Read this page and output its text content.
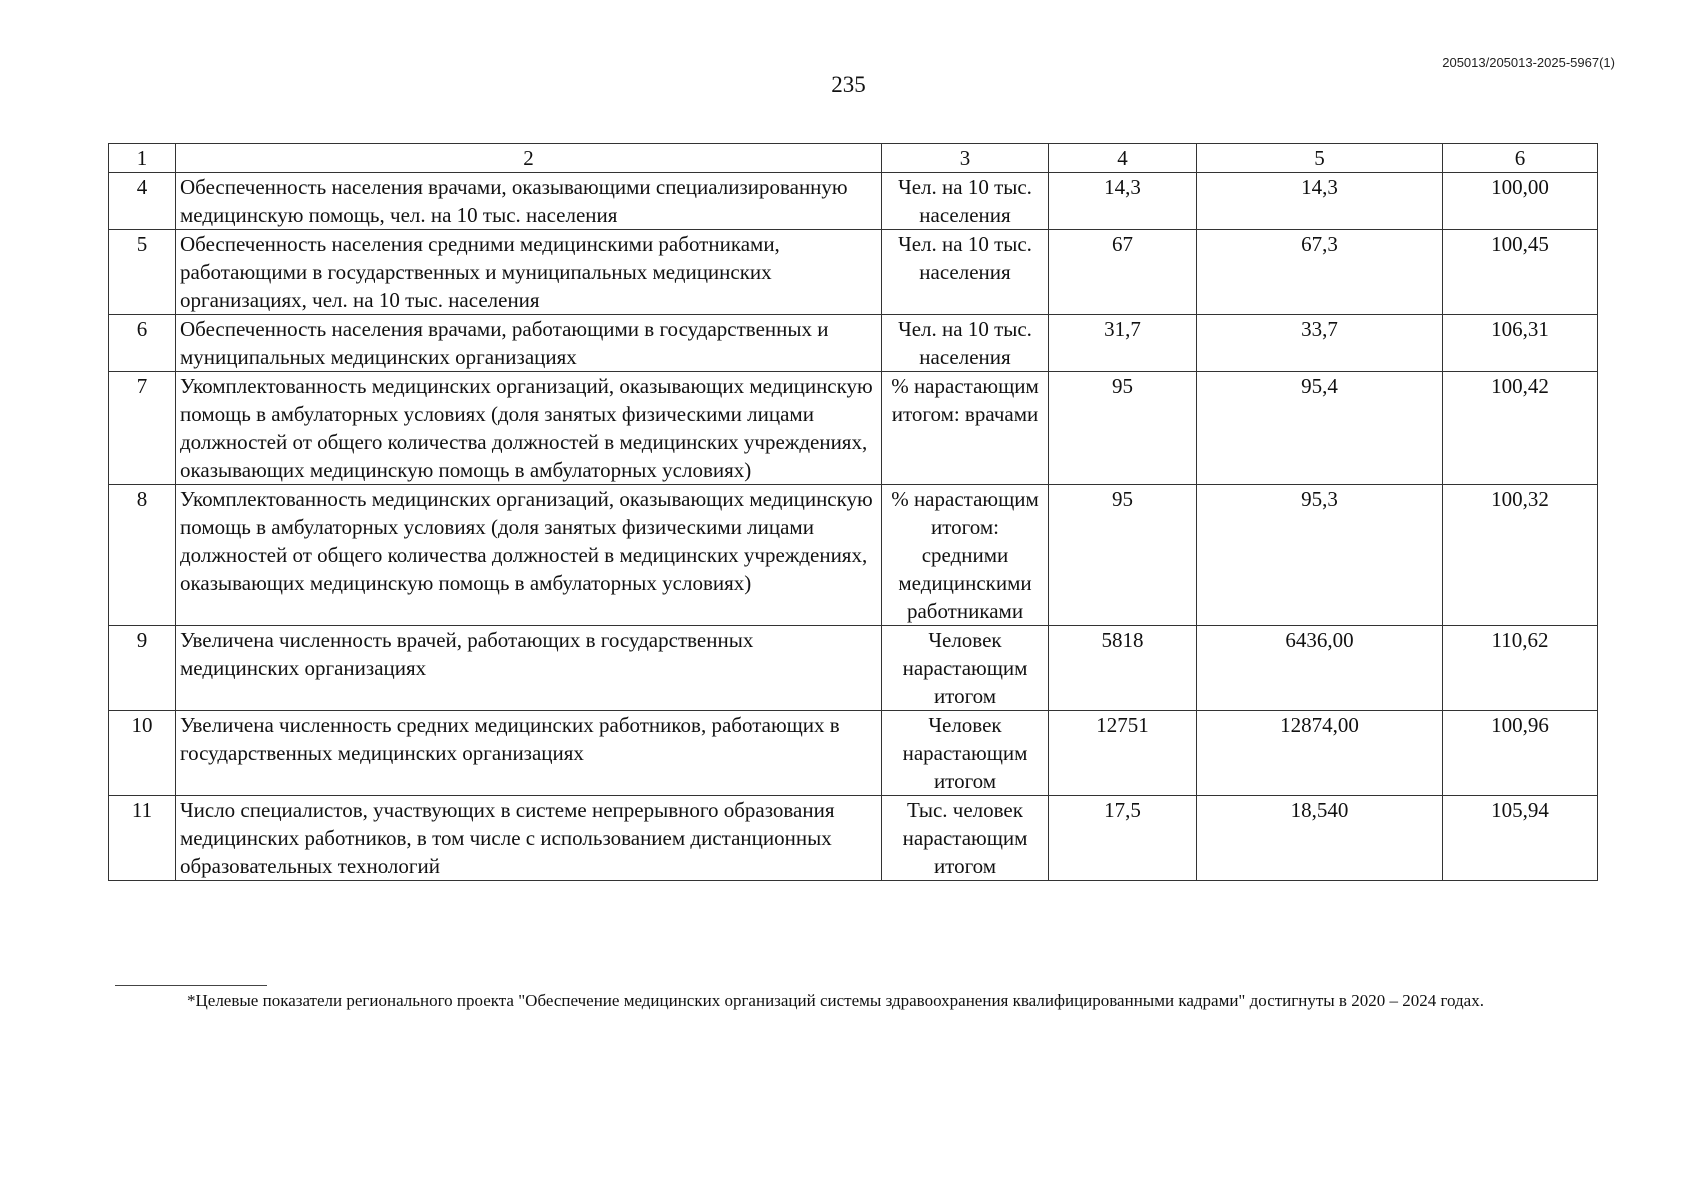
205013/205013-2025-5967(1)
235
1	2	3	4	5	6
4	Обеспеченность населения врачами, оказывающими специализированную медицинскую помощь, чел. на 10 тыс. населения	Чел. на 10 тыс. населения	14,3	14,3	100,00
5	Обеспеченность населения средними медицинскими работниками, работающими в государственных и муниципальных медицинских организациях, чел. на 10 тыс. населения	Чел. на 10 тыс. населения	67	67,3	100,45
6	Обеспеченность населения врачами, работающими в государственных и муниципальных медицинских организациях	Чел. на 10 тыс. населения	31,7	33,7	106,31
7	Укомплектованность медицинских организаций, оказывающих медицинскую помощь в амбулаторных условиях (доля занятых физическими лицами должностей от общего количества должностей в медицинских учреждениях, оказывающих медицинскую помощь в амбулаторных условиях)	% нарастающим итогом: врачами	95	95,4	100,42
8	Укомплектованность медицинских организаций, оказывающих медицинскую помощь в амбулаторных условиях (доля занятых физическими лицами должностей от общего количества должностей в медицинских учреждениях, оказывающих медицинскую помощь в амбулаторных условиях)	% нарастающим итогом: средними медицинскими работниками	95	95,3	100,32
9	Увеличена численность врачей, работающих в государственных медицинских организациях	Человек нарастающим итогом	5818	6436,00	110,62
10	Увеличена численность средних медицинских работников, работающих в государственных медицинских организациях	Человек нарастающим итогом	12751	12874,00	100,96
11	Число специалистов, участвующих в системе непрерывного образования медицинских работников, в том числе с использованием дистанционных образовательных технологий	Тыс. человек нарастающим итогом	17,5	18,540	105,94
*Целевые показатели регионального проекта "Обеспечение медицинских организаций системы здравоохранения квалифицированными кадрами" достигнуты в 2020 – 2024 годах.
